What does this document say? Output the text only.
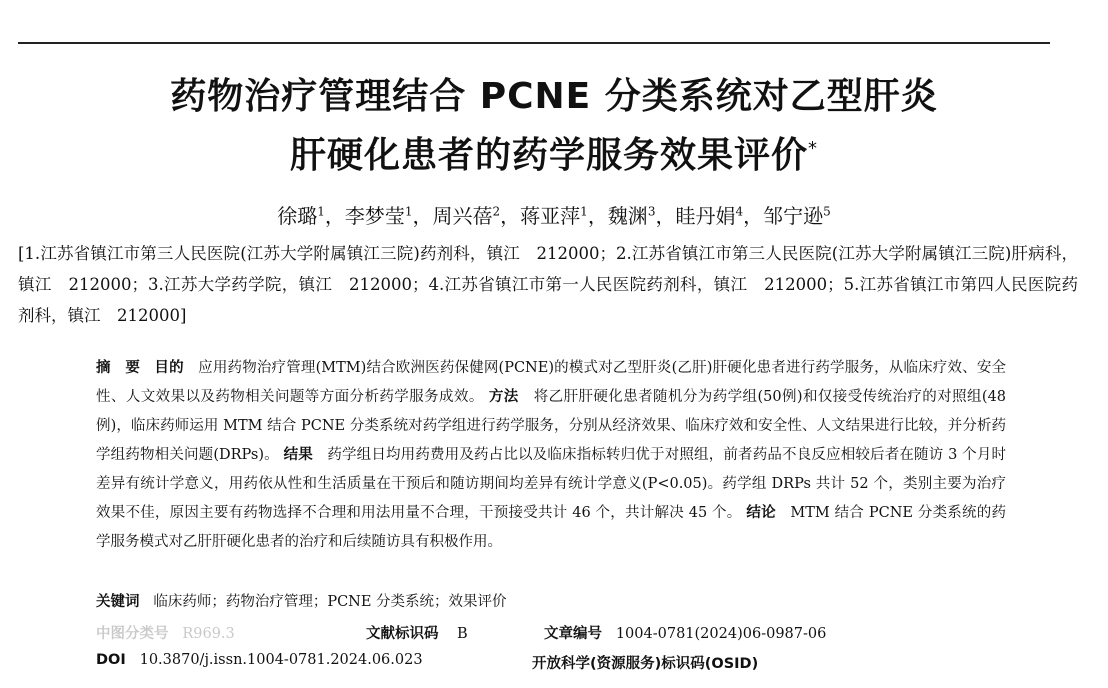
药物治疗管理结合 PCNE 分类系统对乙型肝炎
肝硬化患者的药学服务效果评价*
徐璐$^1$，李梦莹$^1$，周兴蓓$^2$，蒋亚萍$^1$，魏渊$^3$，眭丹娟$^4$，邹宁逊$^5$
[1.江苏省镇江市第三人民医院(江苏大学附属镇江三院)药剂科，镇江　212000；2.江苏省镇江市第三人民医院(江苏大学附属镇江三院)肝病科，镇江　212000；3.江苏大学药学院，镇江　212000；4.江苏省镇江市第一人民医院药剂科，镇江　212000；5.江苏省镇江市第四人民医院药剂科，镇江　212000]
摘　要 目的 应用药物治疗管理(MTM)结合欧洲医药保健网(PCNE)的模式对乙型肝炎(乙肝)肝硬化患者进行药学服务，从临床疗效、安全性、人文效果以及药物相关问题等方面分析药学服务成效。 方法 将乙肝肝硬化患者随机分为药学组(50例)和仅接受传统治疗的对照组(48例)，临床药师运用 MTM 结合 PCNE 分类系统对药学组进行药学服务，分别从经济效果、临床疗效和安全性、人文结果进行比较，并分析药学组药物相关问题(DRPs)。 结果 药学组日均用药费用及药占比以及临床指标转归优于对照组，前者药品不良反应相较后者在随访 3 个月时差异有统计学意义，用药依从性和生活质量在干预后和随访期间均差异有统计学意义(P<0.05)。药学组 DRPs 共计 52 个，类别主要为治疗效果不佳，原因主要有药物选择不合理和用法用量不合理，干预接受共计 46 个，共计解决 45 个。 结论 MTM 结合 PCNE 分类系统的药学服务模式对乙肝肝硬化患者的治疗和后续随访具有积极作用。
关键词 临床药师；药物治疗管理；PCNE 分类系统；效果评价
中图分类号 R969.3	文献标识码 B	文章编号 1004-0781(2024)06-0987-06
DOI 10.3870/j.issn.1004-0781.2024.06.023	开放科学(资源服务)标识码(OSID)
